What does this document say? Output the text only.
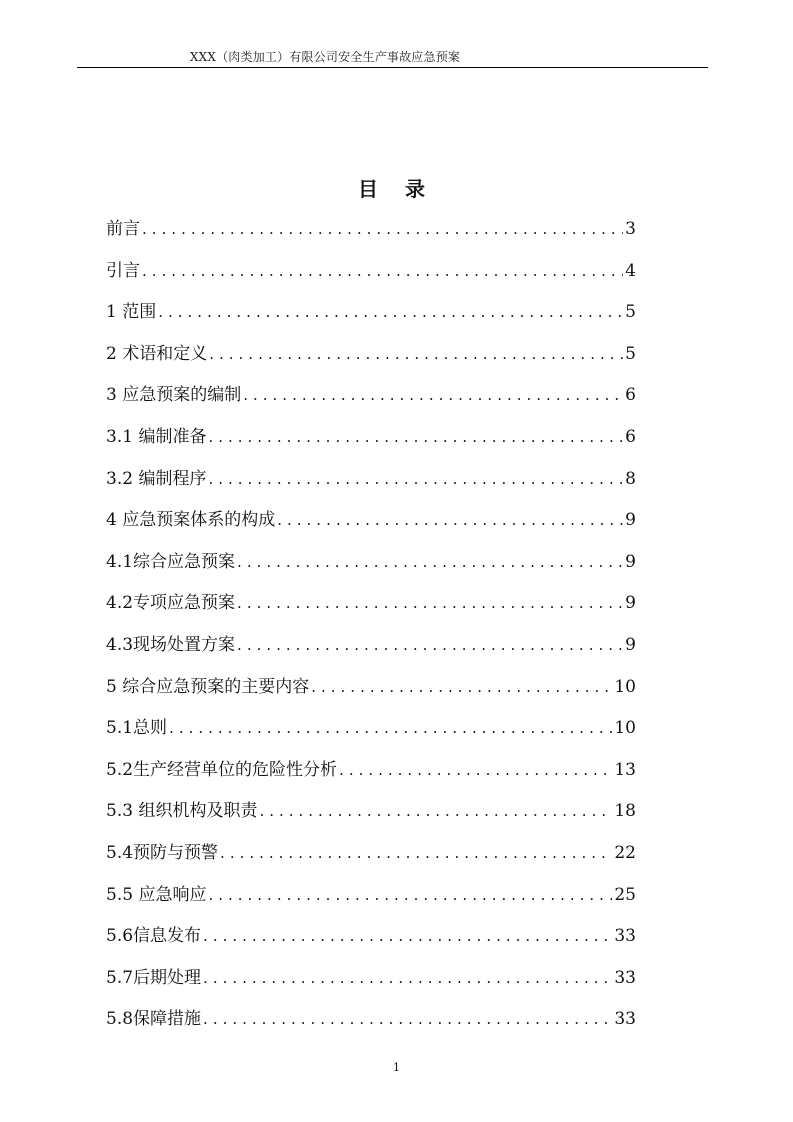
XXX（肉类加工）有限公司安全生产事故应急预案
目 录
前言 .....	3
引言 .....	4
1 范围 .....	5
2 术语和定义 .....	5
3 应急预案的编制 .....	6
3.1 编制准备 .....	6
3.2 编制程序 .....	8
4 应急预案体系的构成 .....	9
4.1综合应急预案 .....	9
4.2专项应急预案 .....	9
4.3现场处置方案 .....	9
5 综合应急预案的主要内容 .....	10
5.1总则 .....	10
5.2生产经营单位的危险性分析 .....	13
5.3 组织机构及职责 .....	18
5.4预防与预警 .....	22
5.5 应急响应 .....	25
5.6信息发布 .....	33
5.7后期处理 .....	33
5.8保障措施 .....	33
1
